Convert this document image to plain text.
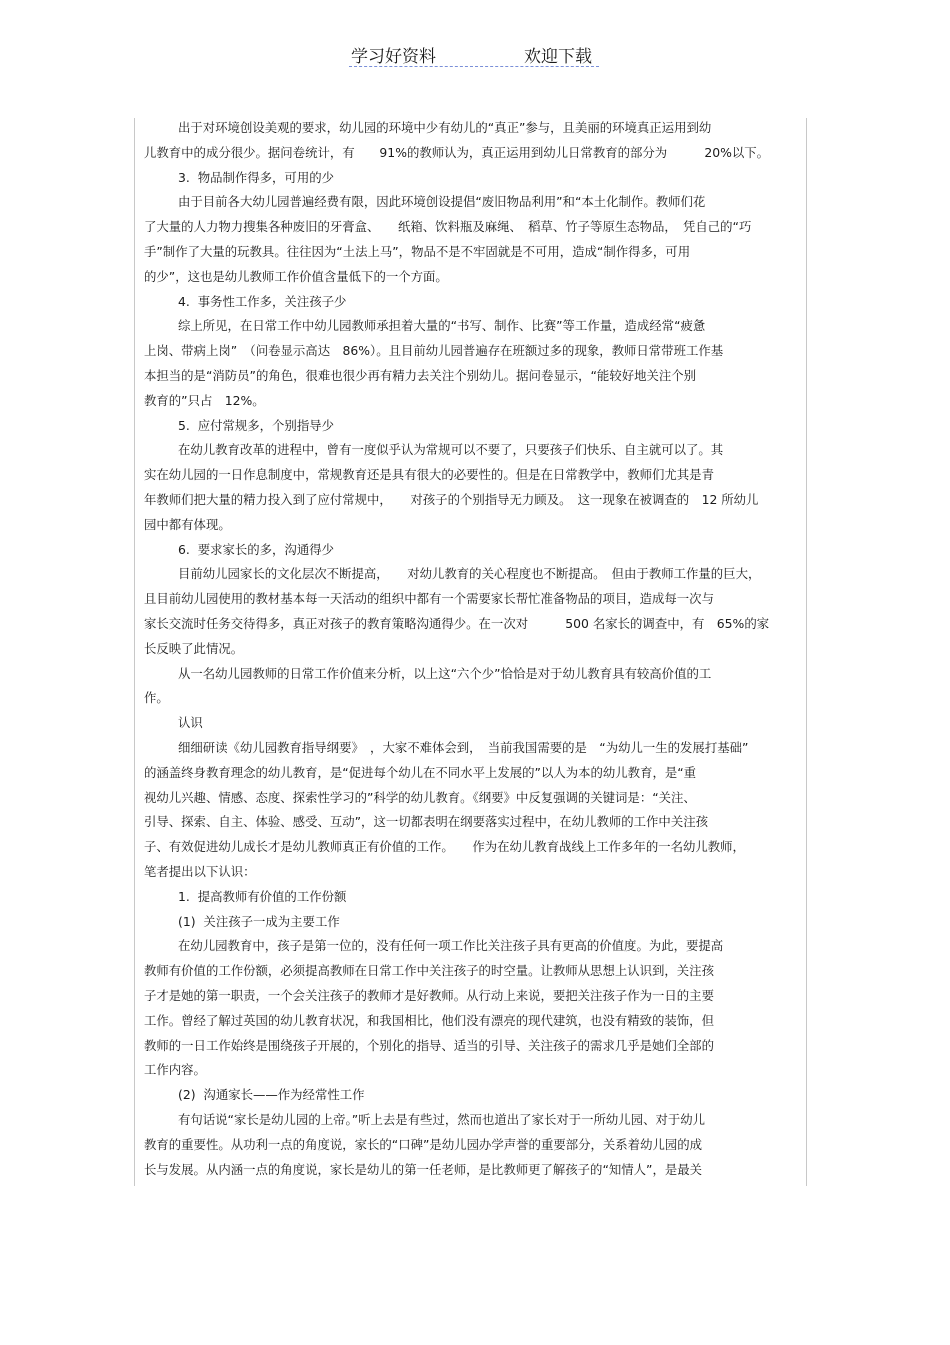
学习好资料	欢迎下载
出于对环境创设美观的要求，幼儿园的环境中少有幼儿的“真正”参与，且美丽的环境真正运用到幼
儿教育中的成分很少。据问卷统计，有　　91%的教师认为，真正运用到幼儿日常教育的部分为　　　20%以下。
3.  物品制作得多，可用的少
由于目前各大幼儿园普遍经费有限，因此环境创设提倡“废旧物品利用”和“本土化制作。教师们花
了大量的人力物力搜集各种废旧的牙膏盒、　　纸箱、饮料瓶及麻绳、　稻草、竹子等原生态物品，　凭自己的“巧
手”制作了大量的玩教具。往往因为“土法上马”，物品不是不牢固就是不可用，造成“制作得多，可用
的少”，这也是幼儿教师工作价值含量低下的一个方面。
4.  事务性工作多，关注孩子少
综上所见，在日常工作中幼儿园教师承担着大量的“书写、制作、比赛”等工作量，造成经常“疲惫
上岗、带病上岗”　（问卷显示高达　86%）。且目前幼儿园普遍存在班额过多的现象，教师日常带班工作基
本担当的是“消防员”的角色，很难也很少再有精力去关注个别幼儿。据问卷显示，“能较好地关注个别
教育的”只占　12%。
5.  应付常规多，个别指导少
在幼儿教育改革的进程中，曾有一度似乎认为常规可以不要了，只要孩子们快乐、自主就可以了。其
实在幼儿园的一日作息制度中，常规教育还是具有很大的必要性的。但是在日常教学中，教师们尤其是青
年教师们把大量的精力投入到了应付常规中，　　对孩子的个别指导无力顾及。　这一现象在被调查的　12 所幼儿
园中都有体现。
6.  要求家长的多，沟通得少
目前幼儿园家长的文化层次不断提高，　　对幼儿教育的关心程度也不断提高。　但由于教师工作量的巨大，
且目前幼儿园使用的教材基本每一天活动的组织中都有一个需要家长帮忙准备物品的项目，造成每一次与
家长交流时任务交待得多，真正对孩子的教育策略沟通得少。在一次对　　　500 名家长的调查中，有　65%的家
长反映了此情况。
从一名幼儿园教师的日常工作价值来分析，以上这“六个少”恰恰是对于幼儿教育具有较高价值的工
作。
认识
细细研读《幼儿园教育指导纲要》　，大家不难体会到，　当前我国需要的是　“为幼儿一生的发展打基础”
的涵盖终身教育理念的幼儿教育，是“促进每个幼儿在不同水平上发展的”以人为本的幼儿教育，是“重
视幼儿兴趣、情感、态度、探索性学习的”科学的幼儿教育。《纲要》中反复强调的关键词是：“关注、
引导、探索、自主、体验、感受、互动”，这一切都表明在纲要落实过程中，在幼儿教师的工作中关注孩
子、有效促进幼儿成长才是幼儿教师真正有价值的工作。　　作为在幼儿教育战线上工作多年的一名幼儿教师，
笔者提出以下认识：
1.  提高教师有价值的工作份额
(1)  关注孩子一成为主要工作
在幼儿园教育中，孩子是第一位的，没有任何一项工作比关注孩子具有更高的价值度。为此，要提高
教师有价值的工作份额，必须提高教师在日常工作中关注孩子的时空量。让教师从思想上认识到，关注孩
子才是她的第一职责，一个会关注孩子的教师才是好教师。从行动上来说，要把关注孩子作为一日的主要
工作。曾经了解过英国的幼儿教育状况，和我国相比，他们没有漂亮的现代建筑，也没有精致的装饰，但
教师的一日工作始终是围绕孩子开展的，个别化的指导、适当的引导、关注孩子的需求几乎是她们全部的
工作内容。
(2)  沟通家长——作为经常性工作
有句话说“家长是幼儿园的上帝。”听上去是有些过，然而也道出了家长对于一所幼儿园、对于幼儿
教育的重要性。从功利一点的角度说，家长的“口碑”是幼儿园办学声誉的重要部分，关系着幼儿园的成
长与发展。从内涵一点的角度说，家长是幼儿的第一任老师，是比教师更了解孩子的“知情人”，是最关
